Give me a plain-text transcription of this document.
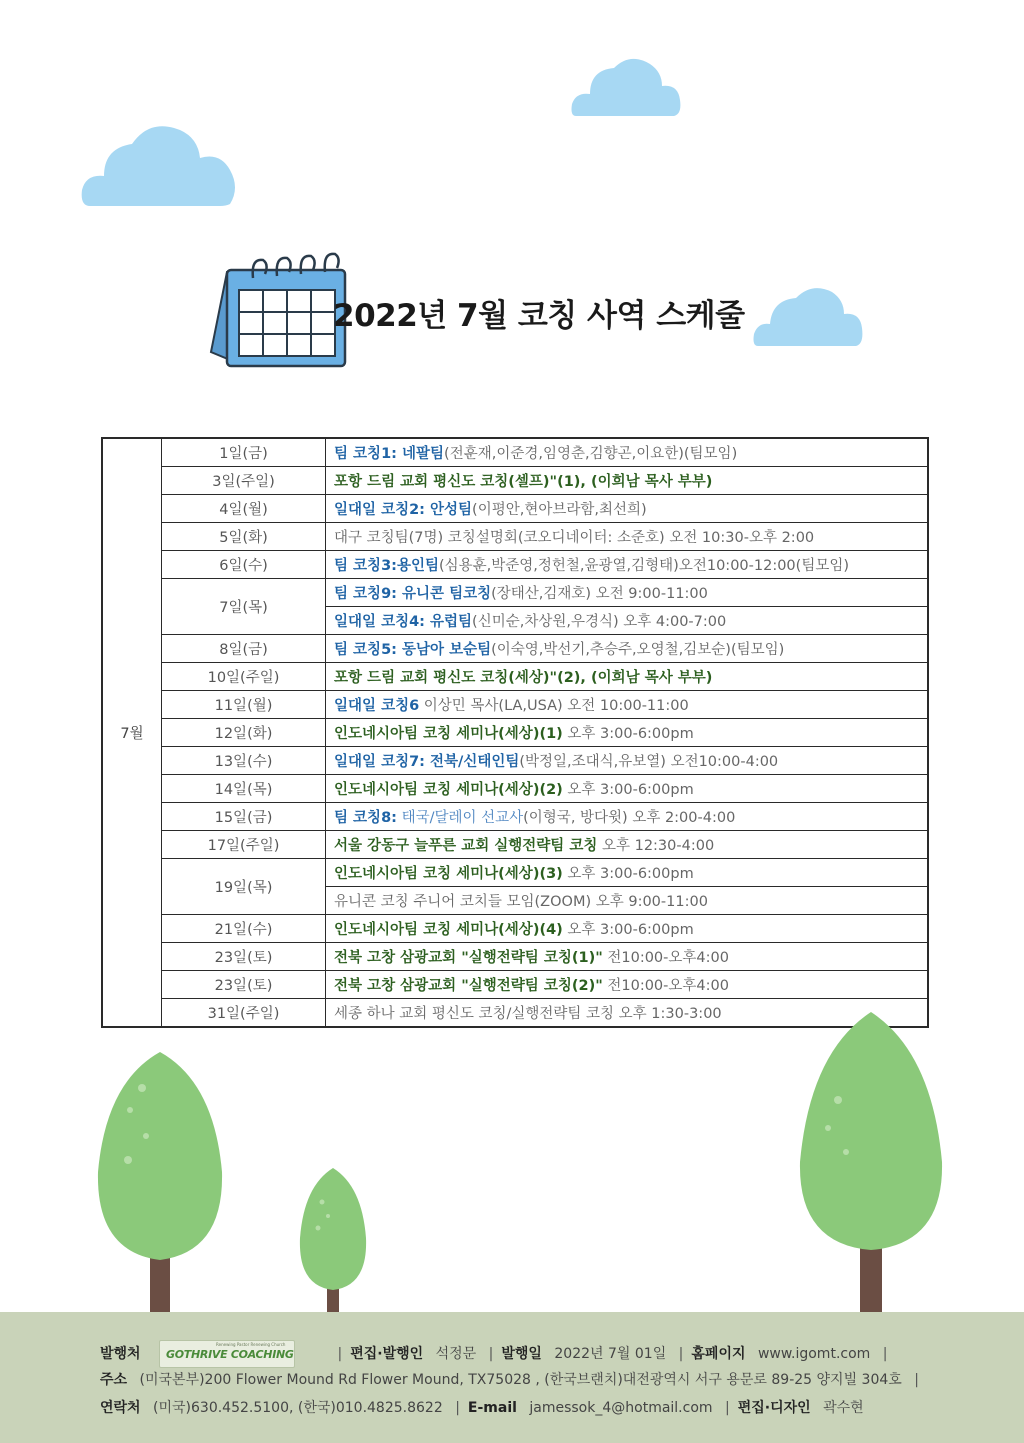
2022년 7월 코칭 사역 스케줄
7월	1일(금)	팀 코칭1: 네팔팀(전훈재,이준경,임영춘,김향곤,이요한)(팀모임)
	3일(주일)	포항 드림 교회 평신도 코칭(셀프)"(1), (이희남 목사 부부)
	4일(월)	일대일 코칭2: 안성팀(이평안,현아브라함,최선희)
	5일(화)	대구 코칭팀(7명) 코칭설명회(코오디네이터: 소준호) 오전 10:30-오후 2:00
	6일(수)	팀 코칭3:용인팀(심용훈,박준영,정헌철,윤광열,김형태)오전10:00-12:00(팀모임)
	7일(목)	팀 코칭9: 유니콘 팀코칭(장태산,김재호) 오전 9:00-11:00
		일대일 코칭4: 유럽팀(신미순,차상원,우경식) 오후 4:00-7:00
	8일(금)	팀 코칭5: 동남아 보순팀(이숙영,박선기,추승주,오영철,김보순)(팀모임)
	10일(주일)	포항 드림 교회 평신도 코칭(세상)"(2), (이희남 목사 부부)
	11일(월)	일대일 코칭6 이상민 목사(LA,USA) 오전 10:00-11:00
	12일(화)	인도네시아팀 코칭 세미나(세상)(1) 오후 3:00-6:00pm
	13일(수)	일대일 코칭7: 전북/신태인팀(박정일,조대식,유보열) 오전10:00-4:00
	14일(목)	인도네시아팀 코칭 세미나(세상)(2) 오후 3:00-6:00pm
	15일(금)	팀 코칭8: 태국/달레이 선교사(이형국, 방다윗) 오후 2:00-4:00
	17일(주일)	서울 강동구 늘푸른 교회 실행전략팀 코칭 오후 12:30-4:00
	19일(목)	인도네시아팀 코칭 세미나(세상)(3) 오후 3:00-6:00pm
		유니콘 코칭 주니어 코치들 모임(ZOOM) 오후 9:00-11:00
	21일(수)	인도네시아팀 코칭 세미나(세상)(4) 오후 3:00-6:00pm
	23일(토)	전북 고창 삼광교회 "실행전략팀 코칭(1)" 전10:00-오후4:00
	23일(토)	전북 고창 삼광교회 "실행전략팀 코칭(2)" 전10:00-오후4:00
	31일(주일)	세종 하나 교회 평신도 코칭/실행전략팀 코칭 오후 1:30-3:00
발행처
Renewing Pastor Renewing Church
GOTHRIVE COACHING	| 편집·발행인 석정문 | 발행일 2022년 7월 01일 | 홈페이지 www.igomt.com |
주소 (미국본부)200 Flower Mound Rd Flower Mound, TX75028 , (한국브랜치)대전광역시 서구 용문로 89-25 양지빌 304호 |
연락처 (미국)630.452.5100, (한국)010.4825.8622 | E-mail jamessok_4@hotmail.com | 편집·디자인 곽수현
